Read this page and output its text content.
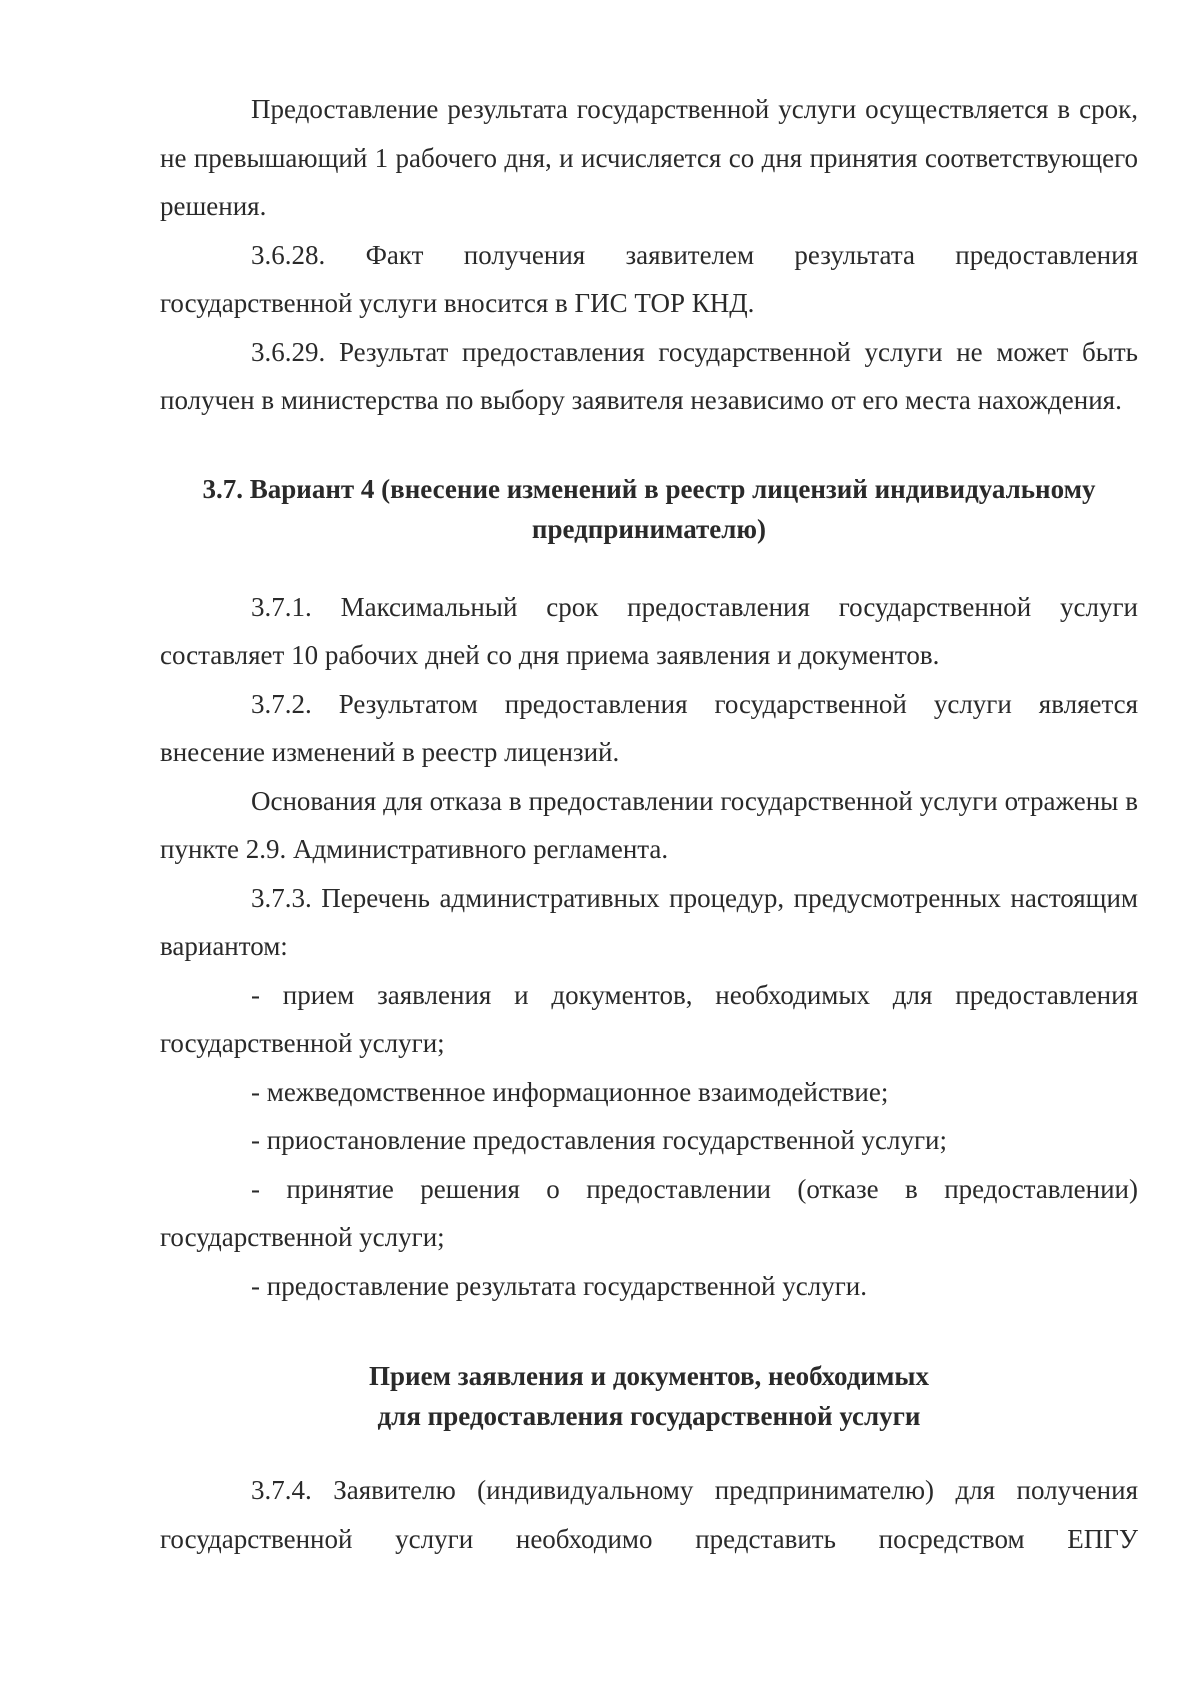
Предоставление результата государственной услуги осуществляется в срок, не превышающий 1 рабочего дня, и исчисляется со дня принятия соответствующего решения.

3.6.28. Факт получения заявителем результата предоставления государственной услуги вносится в ГИС ТОР КНД.

3.6.29. Результат предоставления государственной услуги не может быть получен в министерства по выбору заявителя независимо от его места нахождения.

3.7. Вариант 4 (внесение изменений в реестр лицензий индивидуальному
предпринимателю)

3.7.1. Максимальный срок предоставления государственной услуги составляет 10 рабочих дней со дня приема заявления и документов.

3.7.2. Результатом предоставления государственной услуги является внесение изменений в реестр лицензий.

Основания для отказа в предоставлении государственной услуги отражены в пункте 2.9. Административного регламента.

3.7.3. Перечень административных процедур, предусмотренных настоящим вариантом:

- прием заявления и документов, необходимых для предоставления государственной услуги;

- межведомственное информационное взаимодействие;

- приостановление предоставления государственной услуги;

- принятие решения о предоставлении (отказе в предоставлении) государственной услуги;

- предоставление результата государственной услуги.

Прием заявления и документов, необходимых
для предоставления государственной услуги

3.7.4. Заявителю (индивидуальному предпринимателю) для получения государственной услуги необходимо представить посредством ЕПГУ
